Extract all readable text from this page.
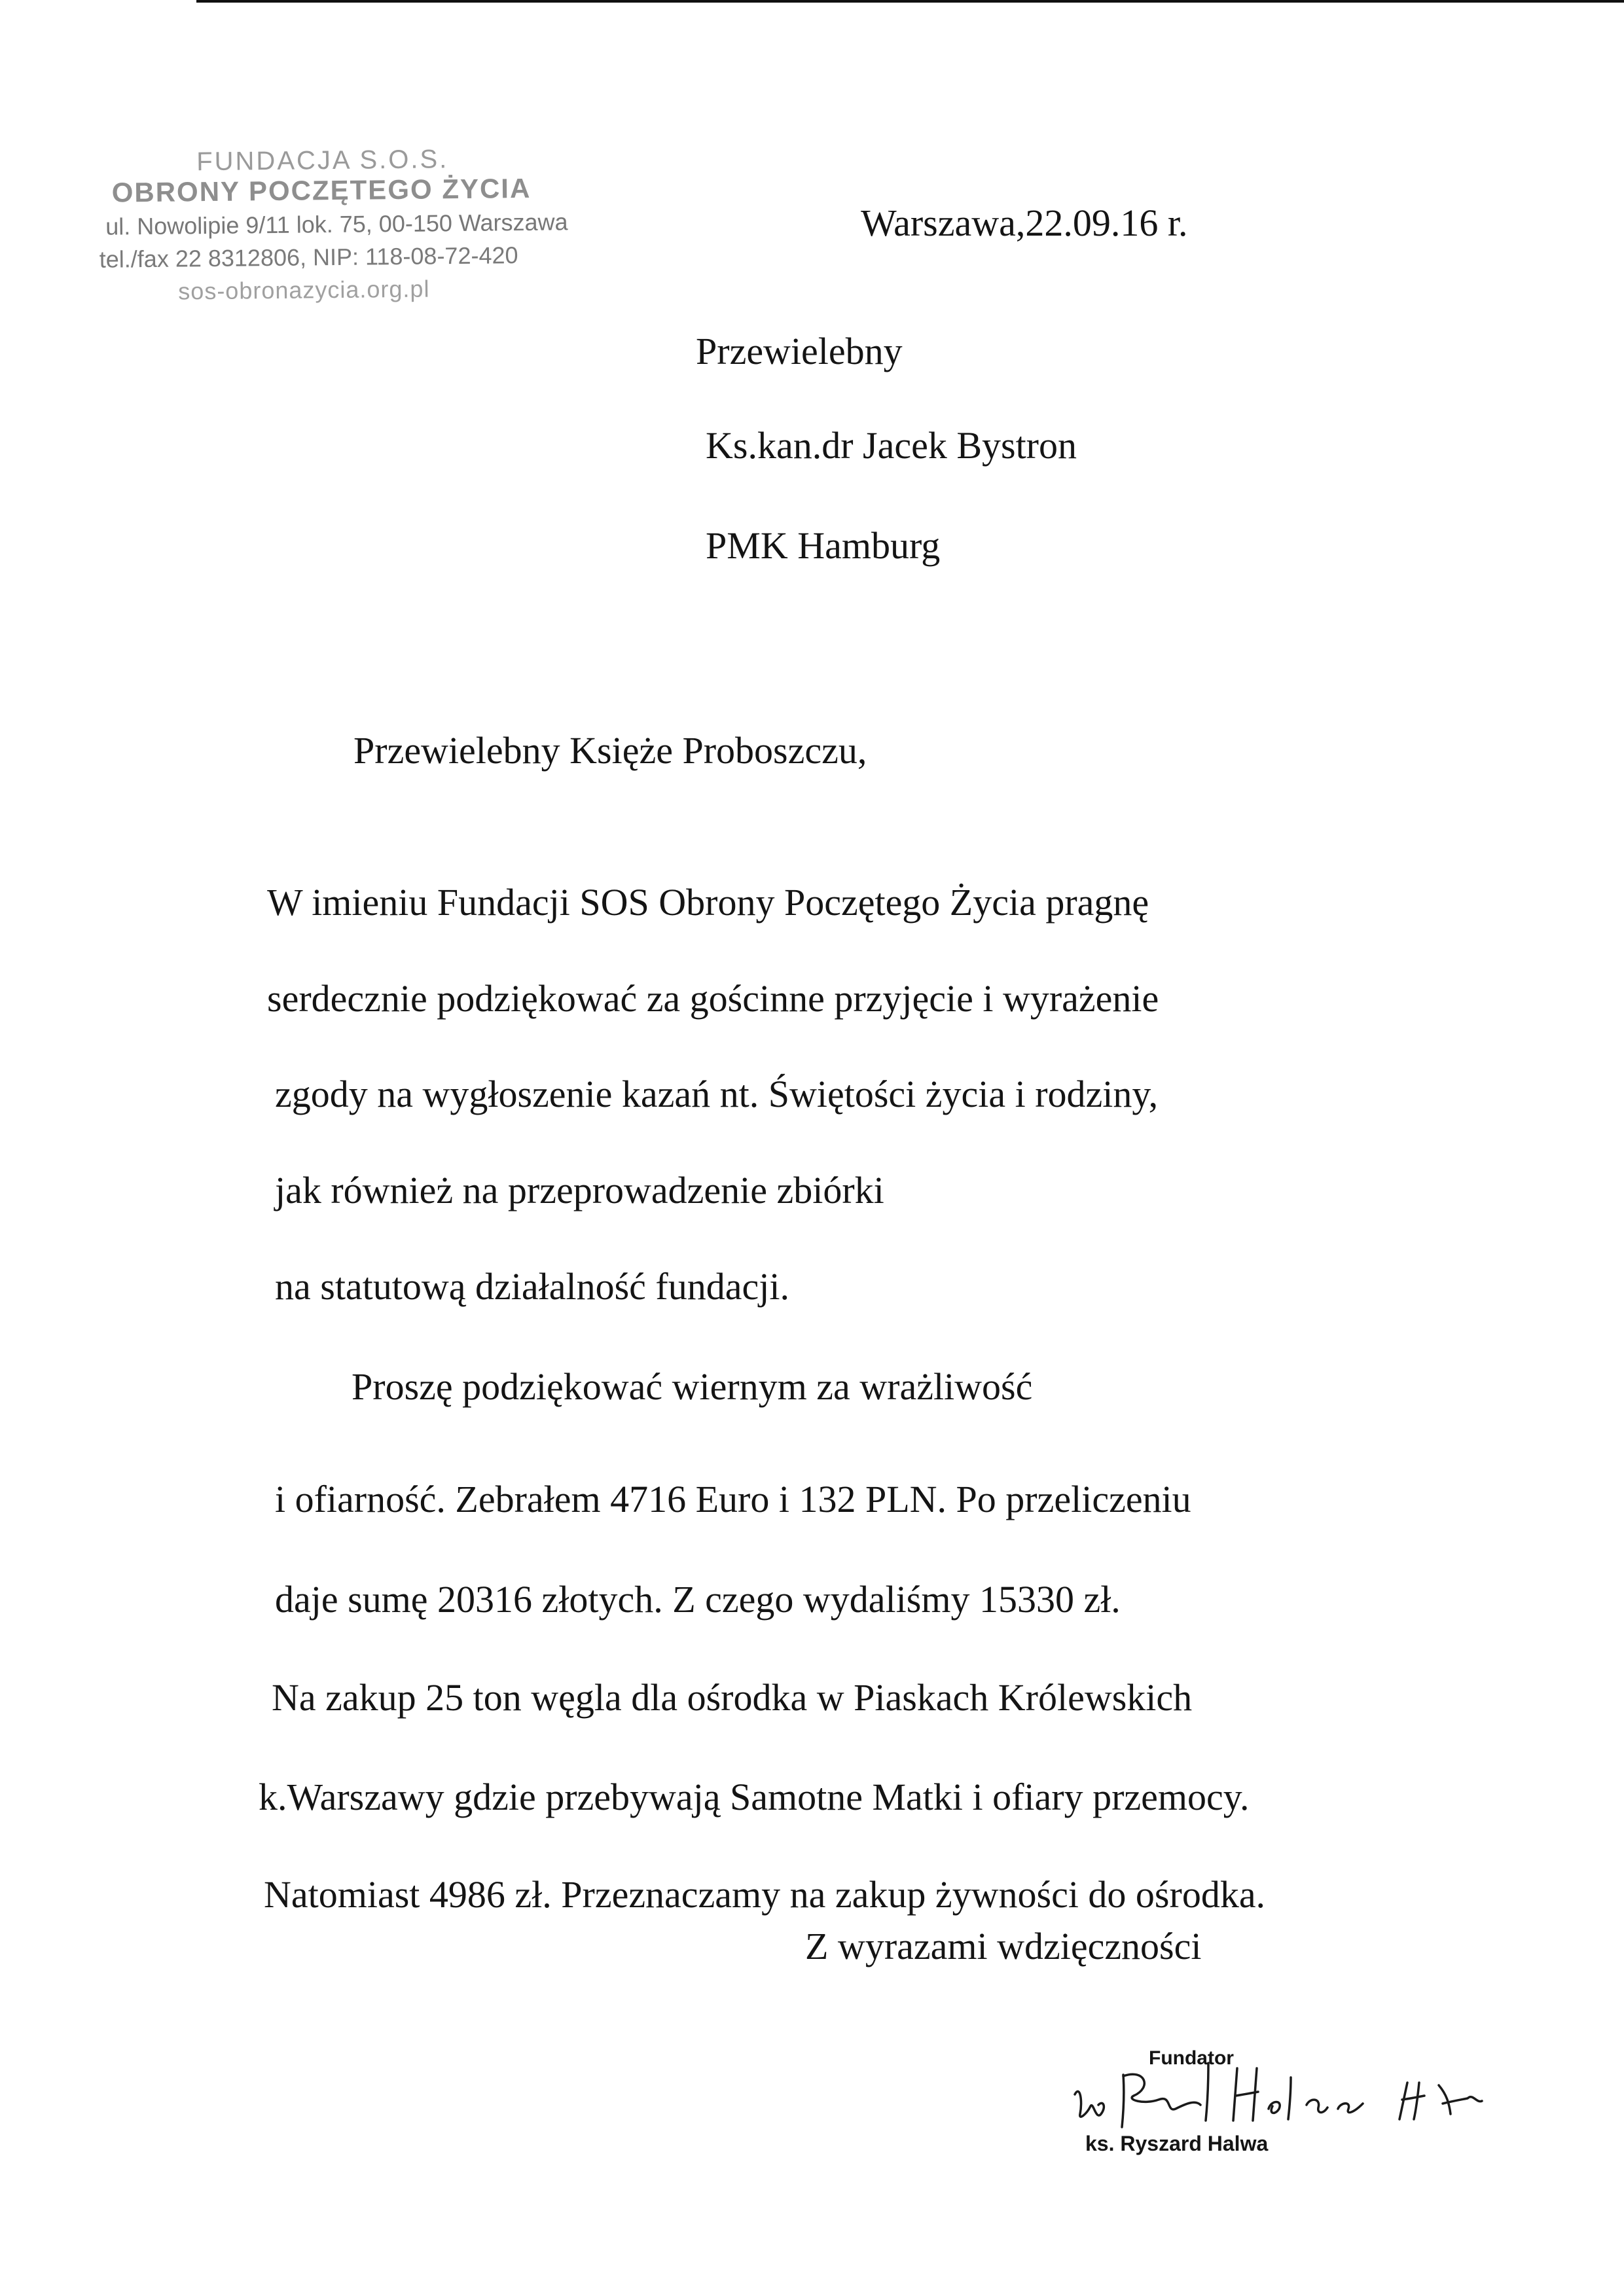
FUNDACJA S.O.S.
OBRONY POCZĘTEGO ŻYCIA
ul. Nowolipie 9/11 lok. 75, 00-150 Warszawa
tel./fax 22 8312806, NIP: 118-08-72-420
sos-obronazycia.org.pl
Warszawa,22.09.16 r.
Przewielebny
Ks.kan.dr Jacek Bystron
PMK Hamburg
Przewielebny Księże Proboszczu,
W imieniu Fundacji SOS Obrony Poczętego Życia pragnę
serdecznie podziękować za gościnne przyjęcie i wyrażenie
zgody na wygłoszenie kazań nt. Świętości życia i rodziny,
jak również na przeprowadzenie zbiórki
na statutową działalność fundacji.
Proszę podziękować wiernym za wrażliwość
i ofiarność. Zebrałem 4716 Euro i 132 PLN. Po przeliczeniu
daje sumę 20316 złotych. Z czego wydaliśmy 15330 zł.
Na zakup 25 ton węgla dla ośrodka w Piaskach Królewskich
k.Warszawy gdzie przebywają Samotne Matki i ofiary przemocy.
Natomiast 4986 zł. Przeznaczamy na zakup żywności do ośrodka.
Z wyrazami wdzięczności
Fundator
ks. Ryszard Halwa
